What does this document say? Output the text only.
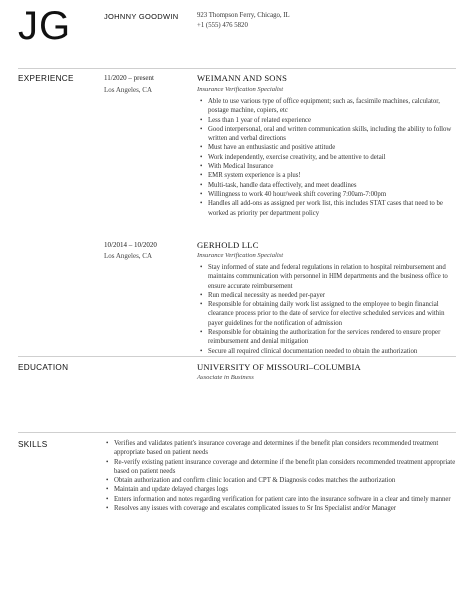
JG	JOHNNY GOODWIN	923 Thompson Ferry, Chicago, IL
+1 (555) 476 5820
EXPERIENCE	11/2020 – present
Los Angeles, CA
WEIMANN AND SONS
Insurance Verification Specialist
• Able to use various type of office equipment; such as, facsimile machines, calculator, postage machine, copiers, etc
• Less than 1 year of related experience
• Good interpersonal, oral and written communication skills, including the ability to follow written and verbal directions
• Must have an enthusiastic and positive attitude
• Work independently, exercise creativity, and be attentive to detail
• With Medical Insurance
• EMR system experience is a plus!
• Multi-task, handle data effectively, and meet deadlines
• Willingness to work 40 hour/week shift covering 7:00am-7:00pm
• Handles all add-ons as assigned per work list, this includes STAT cases that need to be worked as priority per department policy
10/2014 – 10/2020
Los Angeles, CA
GERHOLD LLC
Insurance Verification Specialist
• Stay informed of state and federal regulations in relation to hospital reimbursement and maintains communication with personnel in HIM departments and the business office to ensure accurate reimbursement
• Run medical necessity as needed per-payer
• Responsible for obtaining daily work list assigned to the employee to begin financial clearance process prior to the date of service for elective scheduled services and within payer guidelines for the notification of admission
• Responsible for obtaining the authorization for the services rendered to ensure proper reimbursement and denial mitigation
• Secure all required clinical documentation needed to obtain the authorization
EDUCATION	UNIVERSITY OF MISSOURI–COLUMBIA
Associate in Business
SKILLS
•	Verifies and validates patient's insurance coverage and determines if the benefit plan considers recommended treatment appropriate based on patient needs
• Re-verify existing patient insurance coverage and determine if the benefit plan considers recommended treatment appropriate based on patient needs
• Obtain authorization and confirm clinic location and CPT & Diagnosis codes matches the authorization
• Maintain and update delayed charges logs
• Enters information and notes regarding verification for patient care into the insurance software in a clear and timely manner
• Resolves any issues with coverage and escalates complicated issues to Sr Ins Specialist and/or Manager
